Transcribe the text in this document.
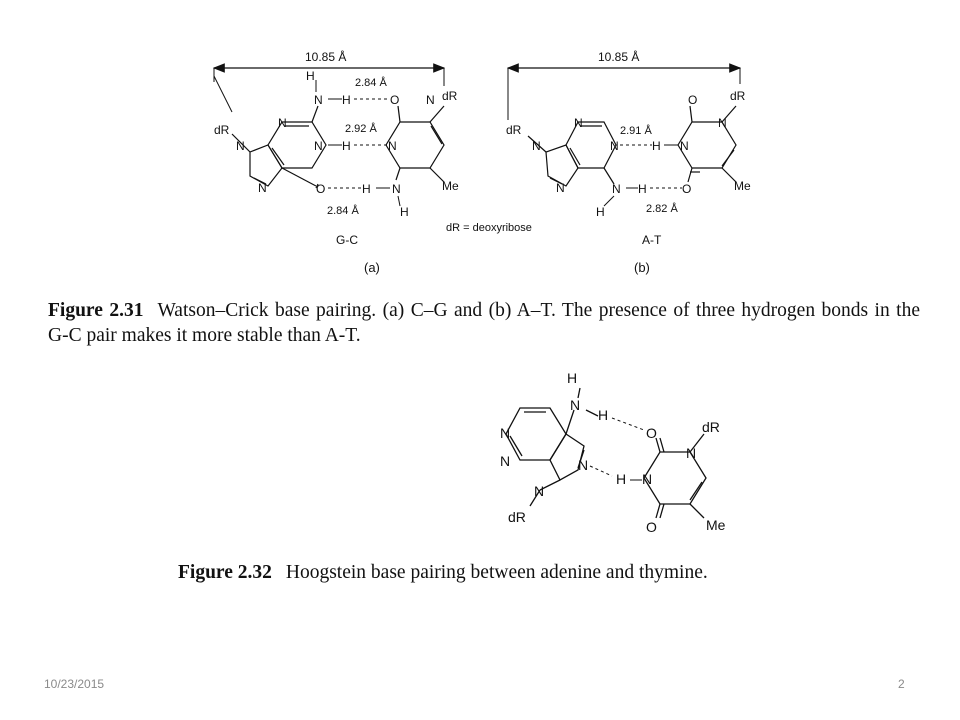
10.85 Å
H
N H	O N dR
N
dR
N	N H	N
N	O	H N	Me
H
2.84 Å
2.92 Å
2.84 Å
G-C
(a)
dR = deoxyribose
10.85 Å
O	dR
N
N
dR
N	N	H N
N	N H	O	Me
H
2.91 Å
2.82 Å
A-T
(b)
H
N
H
O
N
dR
N
N	N
H N
N
dR
O	Me
Figure 2.31 Watson–Crick base pairing. (a) C–G and (b) A–T. The presence of three hydrogen bonds in the G-C pair makes it more stable than A-T.
Figure 2.32 Hoogstein base pairing between adenine and thymine.
10/23/2015	2
